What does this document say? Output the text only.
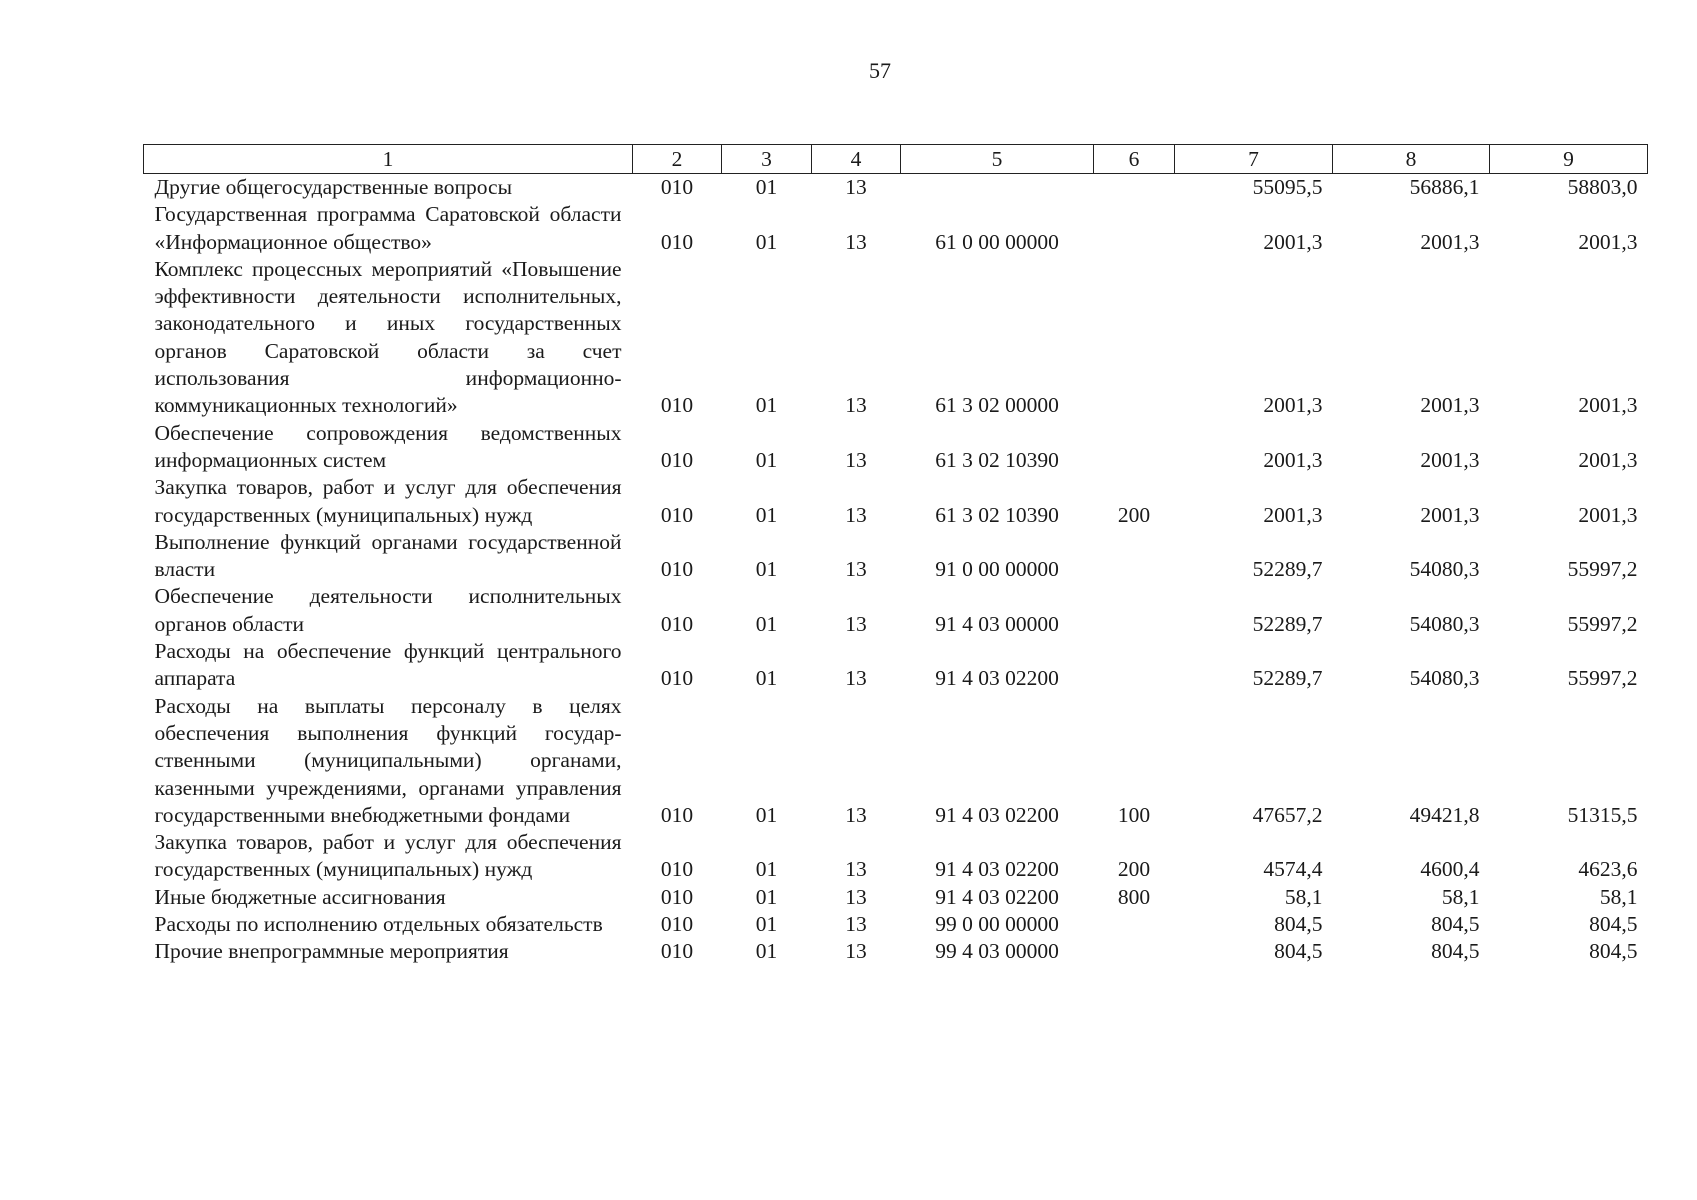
57
1	2	3	4	5	6	7	8	9
Другие общегосударственные вопросы	010	01	13			55095,5	56886,1	58803,0
Государственная программа Саратовской области «Информационное общество»	010	01	13	61 0 00 00000		2001,3	2001,3	2001,3
Комплекс процессных мероприятий «Повышение эффективности деятельности исполнительных, законодательного и иных государственных органов Саратовской области за счет использования информационно-коммуникационных технологий»	010	01	13	61 3 02 00000		2001,3	2001,3	2001,3
Обеспечение сопровождения ведомственных информационных систем	010	01	13	61 3 02 10390		2001,3	2001,3	2001,3
Закупка товаров, работ и услуг для обеспечения государственных (муниципальных) нужд	010	01	13	61 3 02 10390	200	2001,3	2001,3	2001,3
Выполнение функций органами государственной власти	010	01	13	91 0 00 00000		52289,7	54080,3	55997,2
Обеспечение деятельности исполнительных органов области	010	01	13	91 4 03 00000		52289,7	54080,3	55997,2
Расходы на обеспечение функций центрального аппарата	010	01	13	91 4 03 02200		52289,7	54080,3	55997,2
Расходы на выплаты персоналу в целях обеспечения выполнения функций государственными (муниципальными) органами, казенными учреждениями, органами управления государственными внебюджетными фондами	010	01	13	91 4 03 02200	100	47657,2	49421,8	51315,5
Закупка товаров, работ и услуг для обеспечения государственных (муниципальных) нужд	010	01	13	91 4 03 02200	200	4574,4	4600,4	4623,6
Иные бюджетные ассигнования	010	01	13	91 4 03 02200	800	58,1	58,1	58,1
Расходы по исполнению отдельных обязательств	010	01	13	99 0 00 00000		804,5	804,5	804,5
Прочие внепрограммные мероприятия	010	01	13	99 4 03 00000		804,5	804,5	804,5
